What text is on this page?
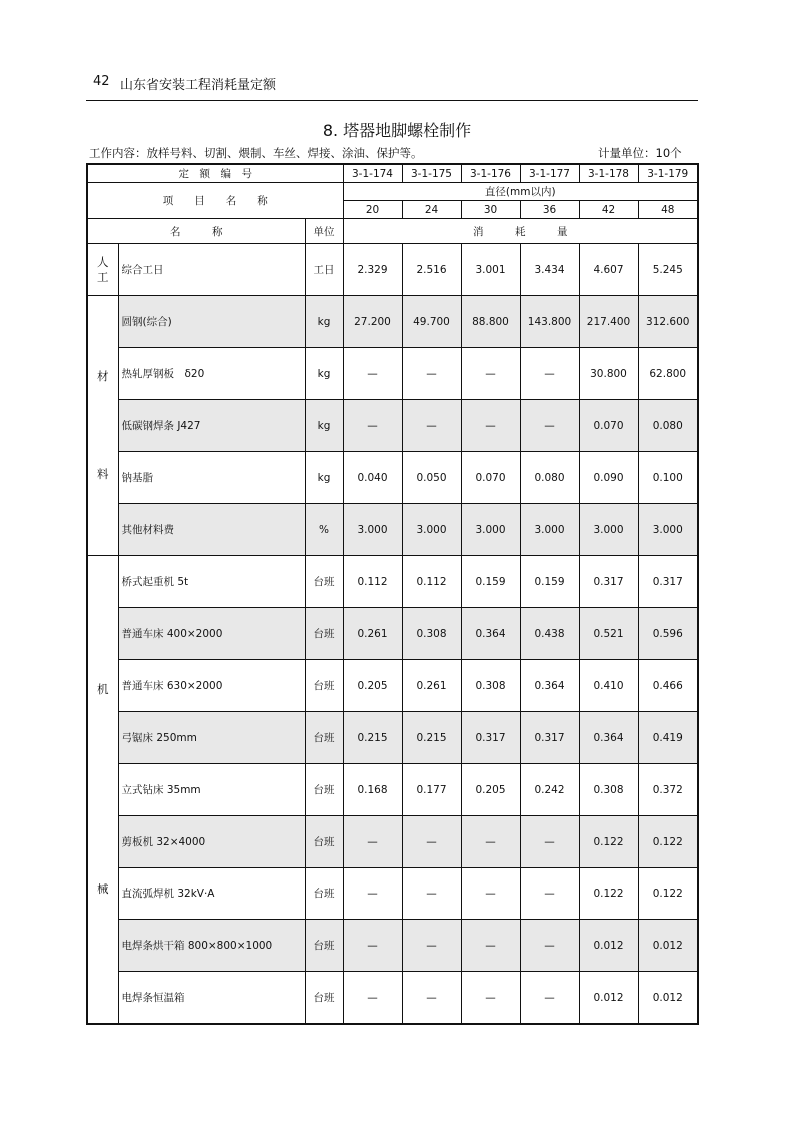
42 山东省安装工程消耗量定额
8. 塔器地脚螺栓制作
工作内容：放样号料、切割、煨制、车丝、焊接、涂油、保护等。	计量单位：10个
定　额　编　号			3-1-174	3-1-175	3-1-176	3-1-177	3-1-178	3-1-179
项　　目　　名　　称			直径(mm以内)					
			20	24	30	36	42	48
名　　　称		单位	消　　　耗　　　量					
人
工	综合工日	工日	2.329	2.516	3.001	3.434	4.607	5.245

材
料	圆钢(综合)	kg	27.200	49.700	88.800	143.800	217.400	312.600
	热轧厚钢板　δ20	kg	—	—	—	—	30.800	62.800
	低碳钢焊条 J427	kg	—	—	—	—	0.070	0.080
	钠基脂	kg	0.040	0.050	0.070	0.080	0.090	0.100
	其他材料费	%	3.000	3.000	3.000	3.000	3.000	3.000

机
械	桥式起重机 5t	台班	0.112	0.112	0.159	0.159	0.317	0.317
	普通车床 400×2000	台班	0.261	0.308	0.364	0.438	0.521	0.596
	普通车床 630×2000	台班	0.205	0.261	0.308	0.364	0.410	0.466
	弓锯床 250mm	台班	0.215	0.215	0.317	0.317	0.364	0.419
	立式钻床 35mm	台班	0.168	0.177	0.205	0.242	0.308	0.372
	剪板机 32×4000	台班	—	—	—	—	0.122	0.122
	直流弧焊机 32kV·A	台班	—	—	—	—	0.122	0.122
	电焊条烘干箱 800×800×1000	台班	—	—	—	—	0.012	0.012
	电焊条恒温箱	台班	—	—	—	—	0.012	0.012
